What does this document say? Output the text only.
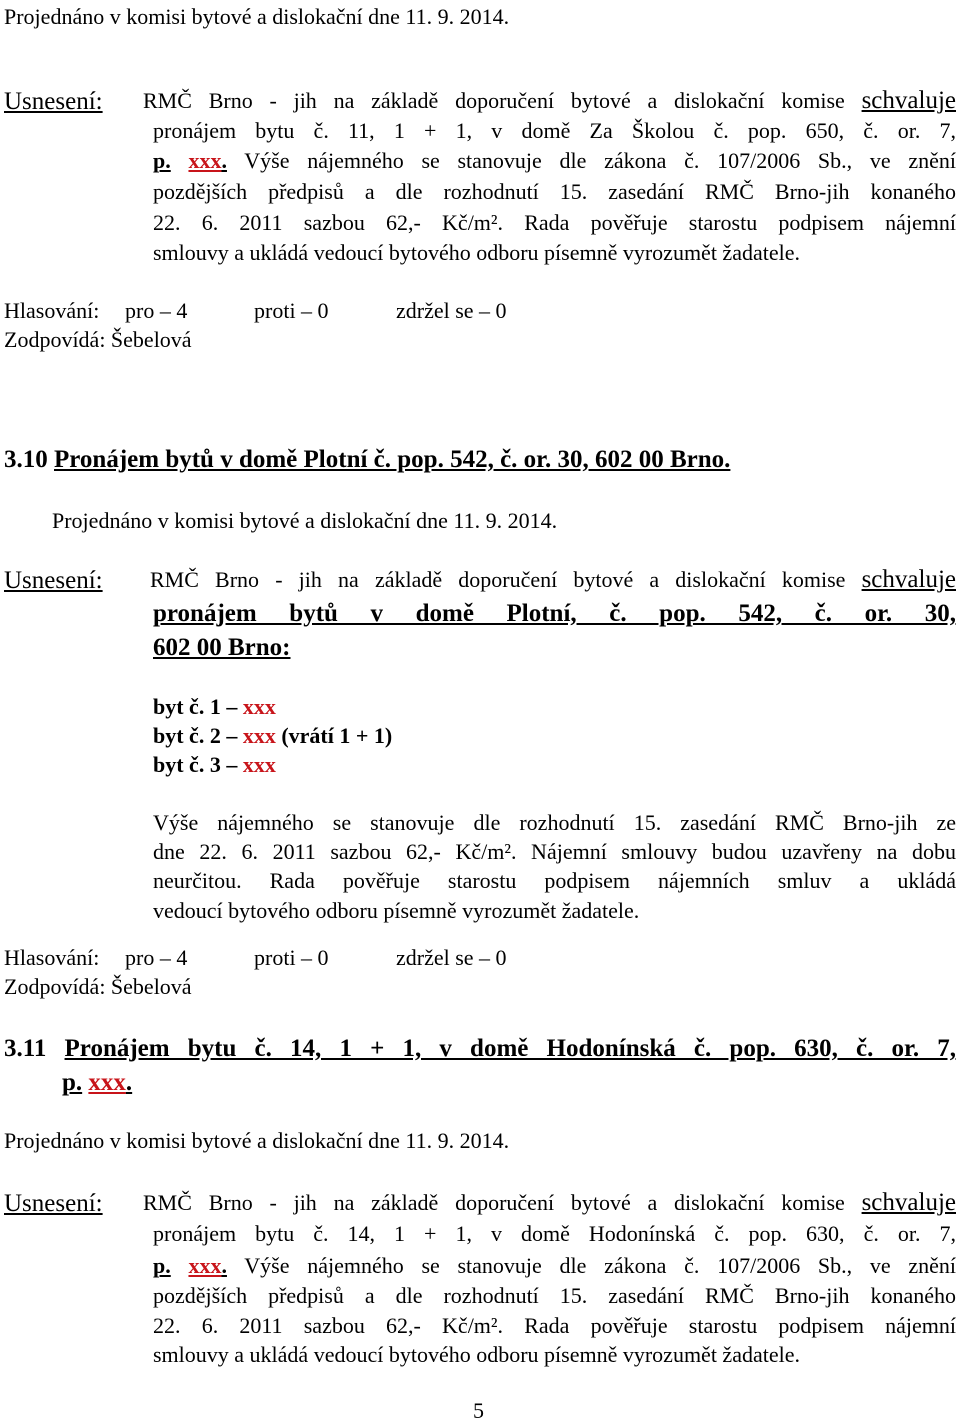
Projednáno v komisi bytové a dislokační dne 11. 9. 2014.
Usnesení: RMČ Brno - jih na základě doporučení bytové a dislokační komise schvaluje
pronájem bytu č. 11, 1 + 1, v domě Za Školou č. pop. 650, č. or. 7,
p. xxx. Výše nájemného se stanovuje dle zákona č. 107/2006 Sb., ve znění
pozdějších předpisů a dle rozhodnutí 15. zasedání RMČ Brno-jih konaného
22. 6. 2011 sazbou 62,- Kč/m². Rada pověřuje starostu podpisem nájemní
smlouvy a ukládá vedoucí bytového odboru písemně vyrozumět žadatele.
Hlasování: pro – 4	proti – 0	zdržel se – 0
Zodpovídá: Šebelová
3.10 Pronájem bytů v domě Plotní č. pop. 542, č. or. 30, 602 00 Brno.
Projednáno v komisi bytové a dislokační dne 11. 9. 2014.
Usnesení: RMČ Brno - jih na základě doporučení bytové a dislokační komise schvaluje
pronájem bytů v domě Plotní, č. pop. 542, č. or. 30,
602 00 Brno:
byt č. 1 – xxx
byt č. 2 – xxx (vrátí 1 + 1)
byt č. 3 – xxx
Výše nájemného se stanovuje dle rozhodnutí 15. zasedání RMČ Brno-jih ze
dne 22. 6. 2011 sazbou 62,- Kč/m². Nájemní smlouvy budou uzavřeny na dobu
neurčitou. Rada pověřuje starostu podpisem nájemních smluv a ukládá
vedoucí bytového odboru písemně vyrozumět žadatele.
Hlasování: pro – 4	proti – 0	zdržel se – 0
Zodpovídá: Šebelová
3.11 Pronájem bytu č. 14, 1 + 1, v domě Hodonínská č. pop. 630, č. or. 7,
p. xxx.
Projednáno v komisi bytové a dislokační dne 11. 9. 2014.
Usnesení: RMČ Brno - jih na základě doporučení bytové a dislokační komise schvaluje
pronájem bytu č. 14, 1 + 1, v domě Hodonínská č. pop. 630, č. or. 7,
p. xxx. Výše nájemného se stanovuje dle zákona č. 107/2006 Sb., ve znění
pozdějších předpisů a dle rozhodnutí 15. zasedání RMČ Brno-jih konaného
22. 6. 2011 sazbou 62,- Kč/m². Rada pověřuje starostu podpisem nájemní
smlouvy a ukládá vedoucí bytového odboru písemně vyrozumět žadatele.
5
